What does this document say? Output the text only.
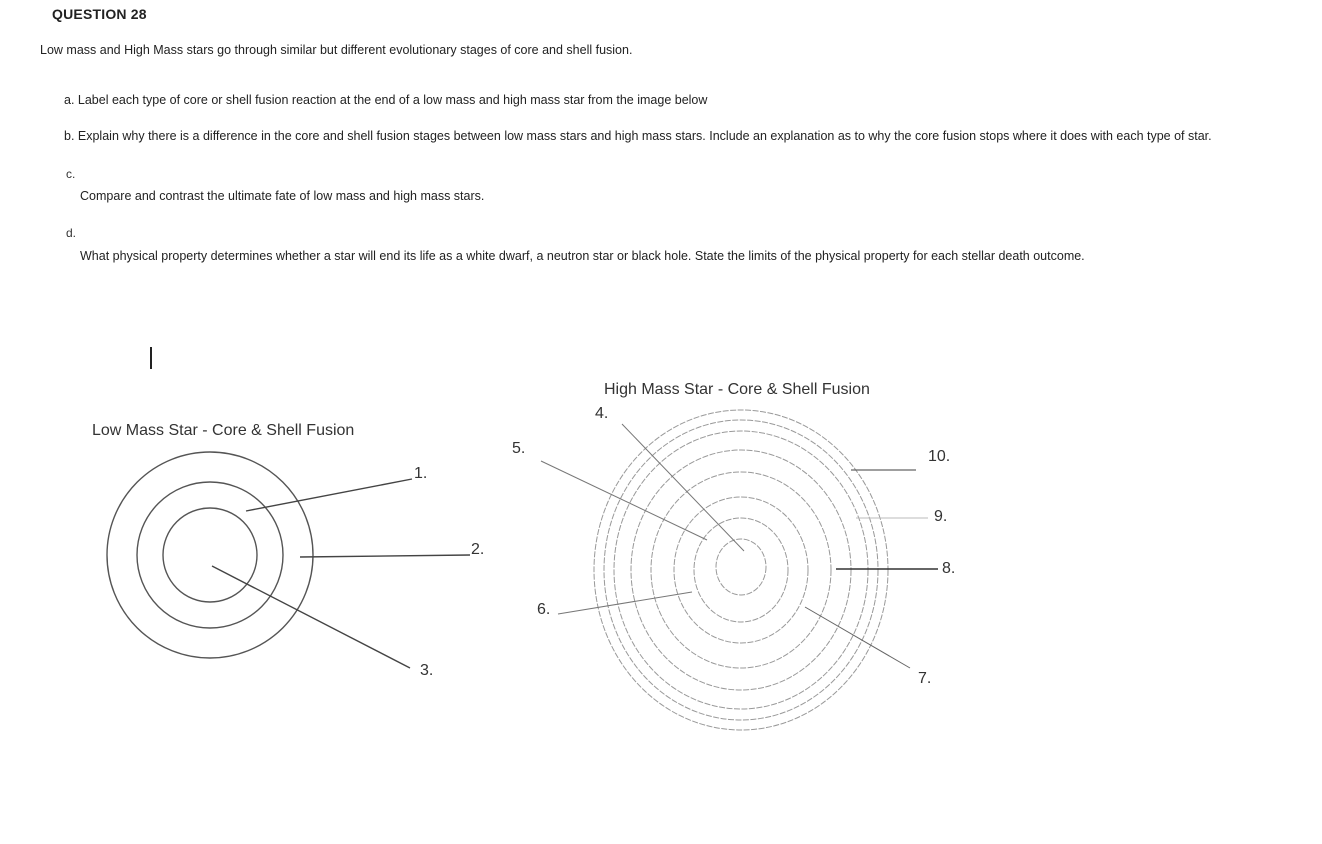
QUESTION 28
Low mass and High Mass stars go through similar but different evolutionary stages of core and shell fusion.
a. Label each type of core or shell fusion reaction at the end of a low mass and high mass star from the image below
b. Explain why there is a difference in the core and shell fusion stages between low mass stars and high mass stars. Include an explanation as to why the core fusion stops where it does with each type of star.
c.
Compare and contrast the ultimate fate of low mass and high mass stars.
d.
What physical property determines whether a star will end its life as a white dwarf, a neutron star or black hole. State the limits of the physical property for each stellar death outcome.
Low Mass Star - Core & Shell Fusion
1.
2.
3.
High Mass Star - Core & Shell Fusion
4.
5.
6.
7.
8.
9.
10.
